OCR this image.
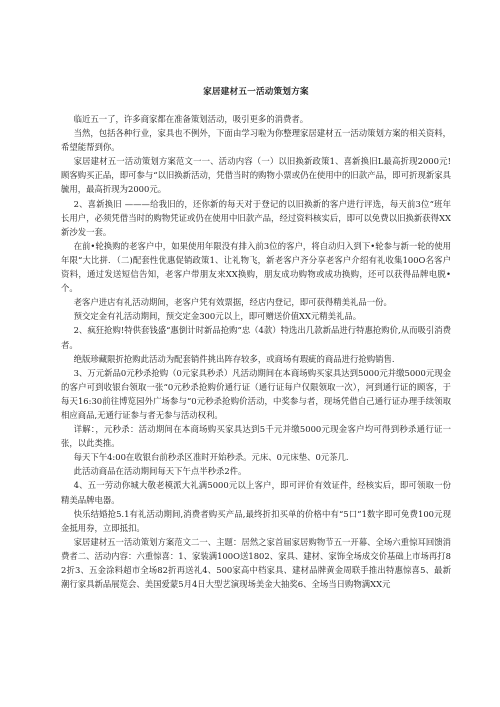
家居建材五一活动策划方案

临近五一了，许多商家都在准备策划活动，吸引更多的消费者。

当然，包括各种行业，家具也不例外，下面由学习啦为你整理家居建材五一活动策划方案的相关资料，希望能帮到你。

家居建材五一活动策划方案范文一一、活动内容（一）以旧换新政策1、喜新换旧L最高折现2000元!顾客购买正品，即可参与“以旧换新活动，凭借当时的购物小票或仍在使用中的旧款产品，即可折现新家具毓用，最高折现为2000元。

2、喜新换旧 ———给我旧的，还你新的每天对于登记的以旧换新的客户进行评选，每天前3位“班年长用户，必须凭借当时的购物凭证或仍在使用中旧款产品，经过资料核实后，即可以免费以旧换新获得XX新沙发一套。

在前•轮换购的老客户中，如果使用年限没有排入前3位的客户，将自动归入到下•轮参与新一轮的使用年限“大比拼．（二)配套性优惠促销政策1、让礼物飞，新老客户齐分享老客户介绍有礼收集100O名客户资料，通过发送短信告知，老客户带朋友来XX换购，朋友成功购物或成功换购，还可以获得品牌电脱•个。

老客户进店有礼活动期间，老客户凭有效票据，经店内登记，即可获得精美礼品一份。

预交定金有礼活动期间，预交定金300元以上，即可赠送价值XX元精美礼品。

2、疯狂抢购!特供套钱盛“惠倒计时新品抢购“忠（4款）特选出几款新品进行特惠抢购价,从而吸引消费者。

绝版珍藏限折抢购此活动为配套销件挑出阵存较多，或商场有瑕疵的商品进行抢购销售.

3、万元新品0元秒杀抢购（0元家具秒杀）凡活动期间在本商场购买家具达到5000元并缴5000元现金的客户可到收银台领取一张“0元秒杀抢购价通行证（通行证每户仅限领取一次），河到通行证的顾客，于每天16:30前往博览园外广场参与“0元秒杀抢购价活动，中奖参与者，现场凭借自己通行证办理手续领取相应商品,无通行证参与者无参与活动权利。

详解：，元秒杀：活动期间在本商场购买家具达到5千元并缴5000元现金客户均可得到秒杀通行证一张，以此类推。

每天下午4:00在收银台前秒杀区准时开始秒杀。元床、0元床垫、0元茶几.

此活动商品在活动期间每天下午点半秒杀2件。

4、五一劳动你城大敬老模派大礼满5000元以上客户，即可评价有效证件，经核实后，即可领取一份精美品牌电器。

快乐结婚抢5.1有礼活动期间,消费者购买产品,最终折扣买单的价格中有“5口”1数字即可免费100元现金抵用券，立即抵扣。

家居建材五一活动策划方案范文二一、主题：居然之家首届家居购物节五一开幕、全场六重惊耳回馈消费者二、活动内容：六重惊喜：1、家装满100O送1802、家具、建材、家饰全场成交价基础上市场再打82折3、五金涂料超市全场82折再送礼4、500家高中档家具、建材品牌黄金周联手推出特惠惊喜5、最新潮行家具新品展览会、美国爱蒙5月4日大型艺演现场美金大抽奖6、全场当日购物满XX元
